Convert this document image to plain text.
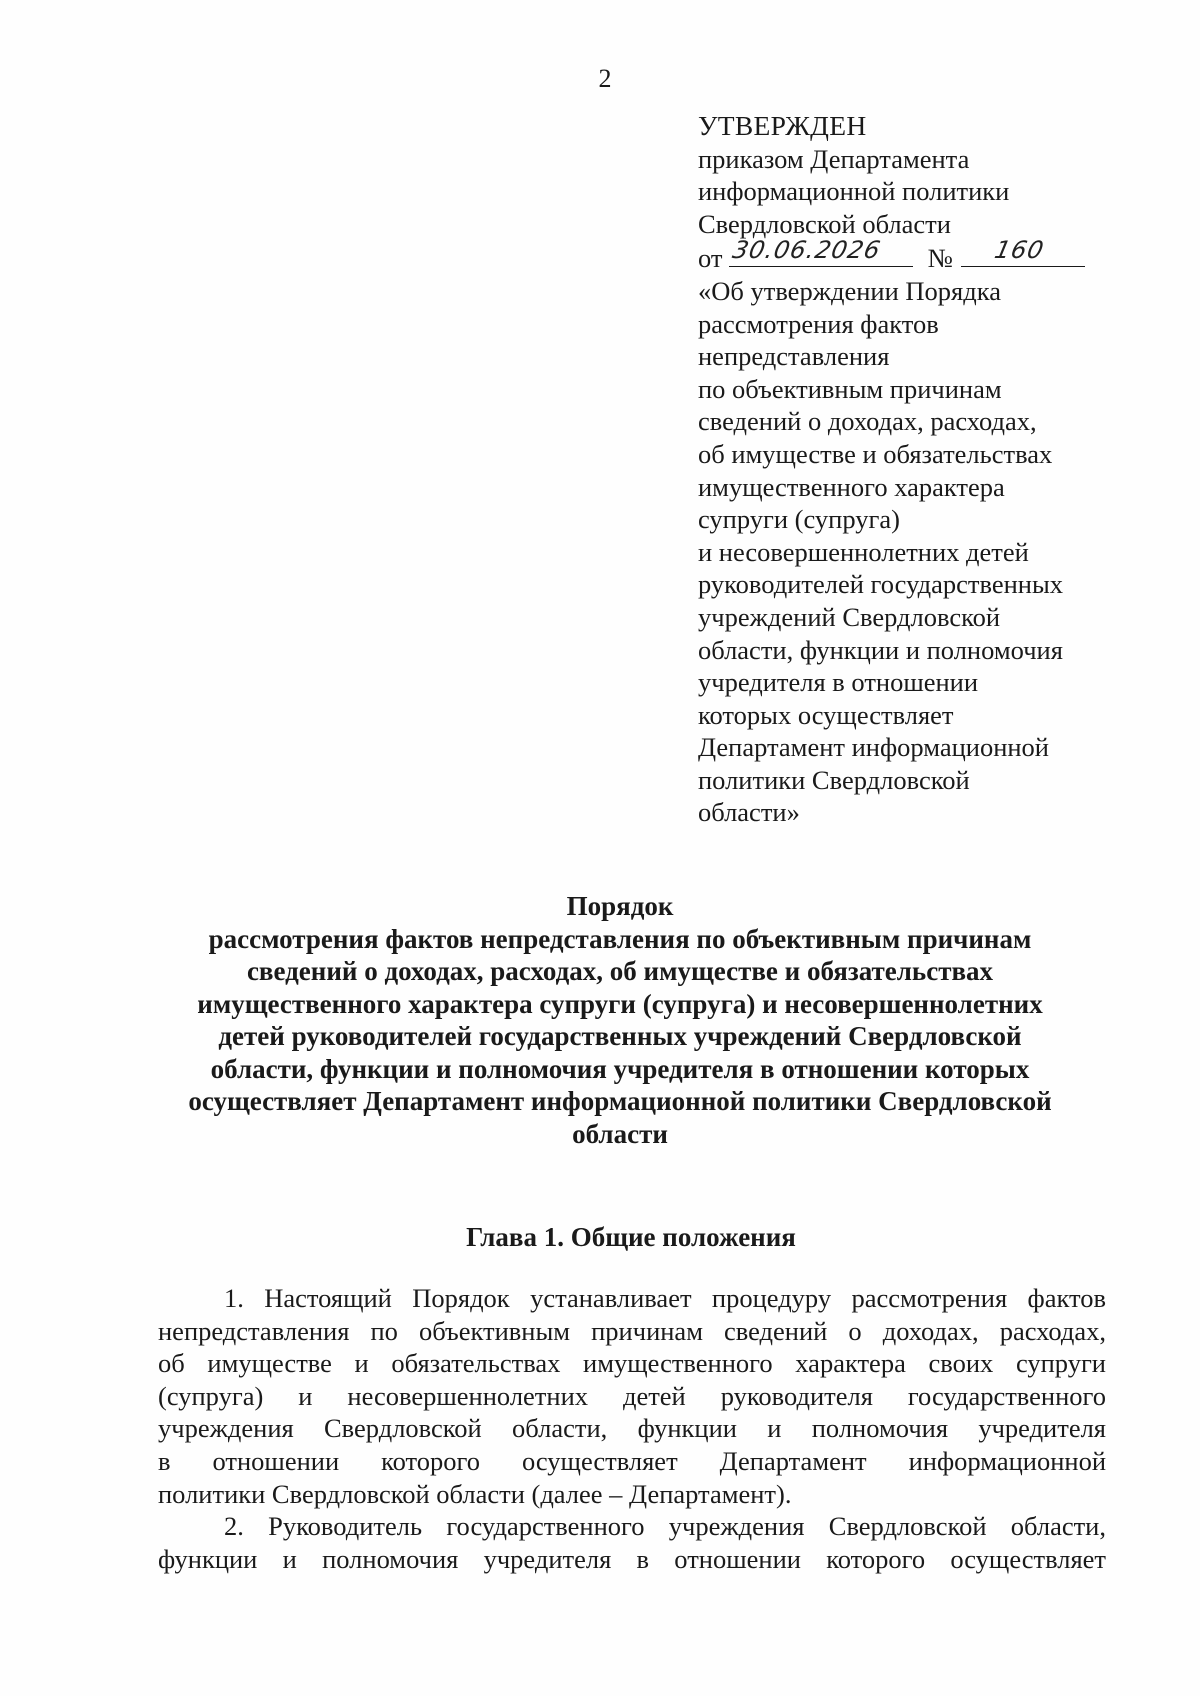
2
УТВЕРЖДЕН
приказом Департамента
информационной политики
Свердловской области
от 30.06.2026 № 160
«Об утверждении Порядка
рассмотрения фактов
непредставления
по объективным причинам
сведений о доходах, расходах,
об имуществе и обязательствах
имущественного характера
супруги (супруга)
и несовершеннолетних детей
руководителей государственных
учреждений Свердловской
области, функции и полномочия
учредителя в отношении
которых осуществляет
Департамент информационной
политики Свердловской
области»
Порядок
рассмотрения фактов непредставления по объективным причинам
сведений о доходах, расходах, об имуществе и обязательствах
имущественного характера супруги (супруга) и несовершеннолетних
детей руководителей государственных учреждений Свердловской
области, функции и полномочия учредителя в отношении которых
осуществляет Департамент информационной политики Свердловской
области
Глава 1. Общие положения
1. Настоящий Порядок устанавливает процедуру рассмотрения фактов
непредставления по объективным причинам сведений о доходах, расходах,
об имуществе и обязательствах имущественного характера своих супруги
(супруга) и несовершеннолетних детей руководителя государственного
учреждения Свердловской области, функции и полномочия учредителя
в отношении которого осуществляет Департамент информационной
политики Свердловской области (далее – Департамент).
2. Руководитель государственного учреждения Свердловской области,
функции и полномочия учредителя в отношении которого осуществляет
